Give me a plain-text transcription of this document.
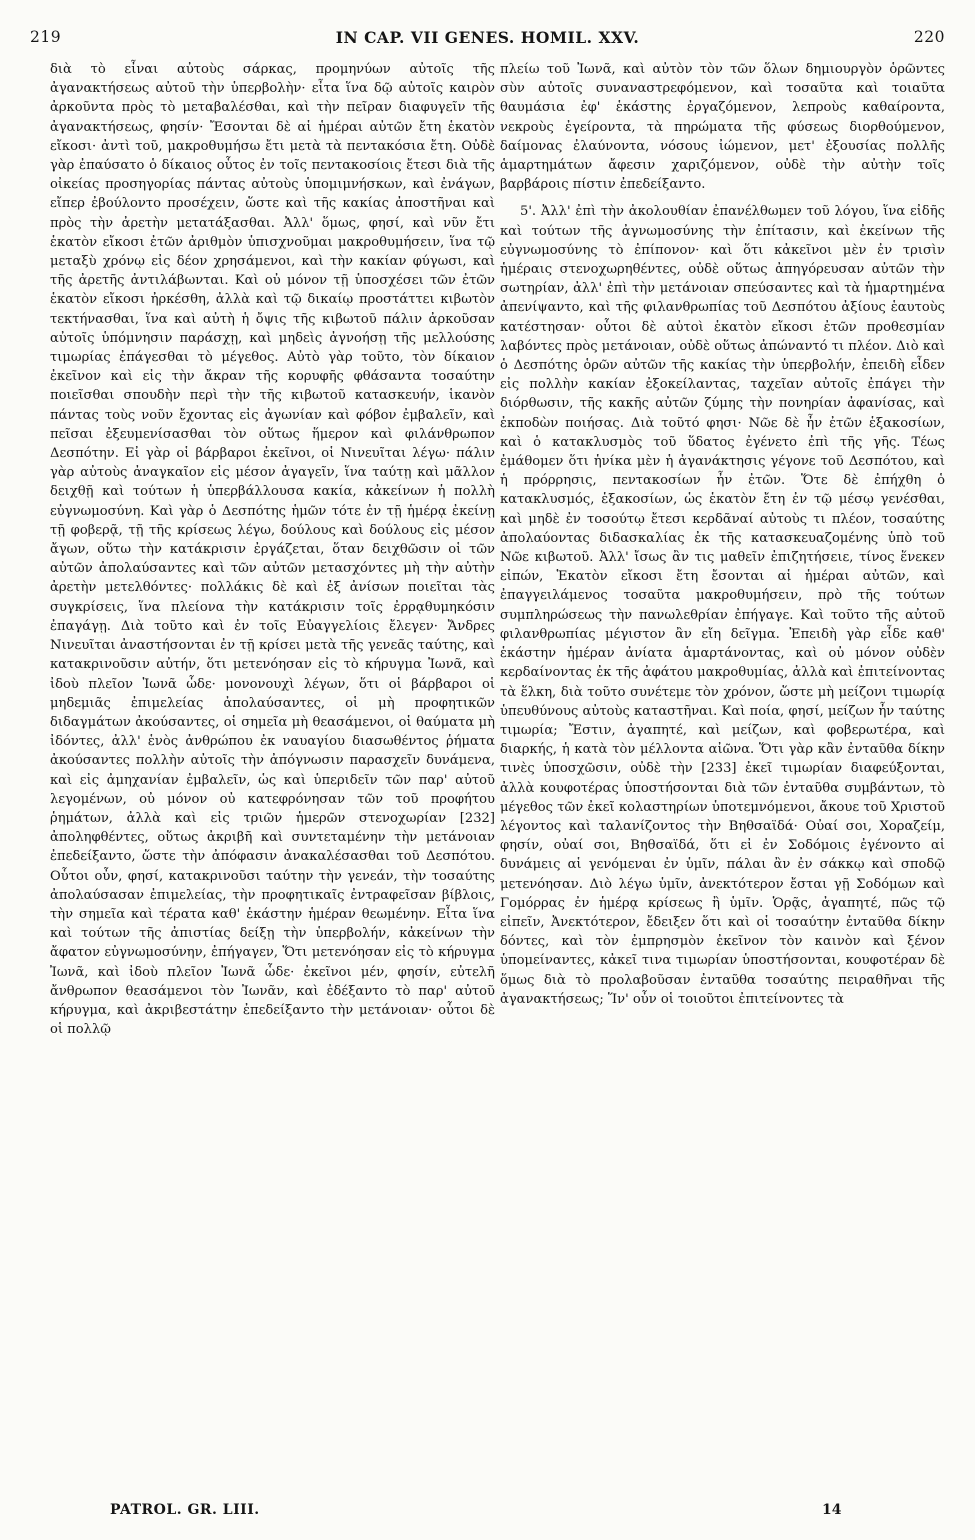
219	IN CAP. VII GENES. HOMIL. XXV.	220

διὰ τὸ εἶναι αὐτοὺς σάρκας, προμηνύων αὐτοῖς τῆς ἀγανακτήσεως αὐτοῦ τὴν ὑπερβολὴν· εἶτα ἵνα δῷ αὐτοῖς καιρὸν ἀρκοῦντα πρὸς τὸ μεταβαλέσθαι, καὶ τὴν πεῖραν διαφυγεῖν τῆς ἀγανακτήσεως, φησίν· Ἔσονται δὲ αἱ ἡμέραι αὐτῶν ἔτη ἑκατὸν εἴκοσι· ἀντὶ τοῦ, μακροθυμήσω ἔτι μετὰ τὰ πεντακόσια ἔτη. Οὐδὲ γὰρ ἐπαύσατο ὁ δίκαιος οὗτος ἐν τοῖς πεντακοσίοις ἔτεσι διὰ τῆς οἰκείας προσηγορίας πάντας αὐτοὺς ὑπομιμνήσκων, καὶ ἐνάγων, εἴπερ ἐβούλοντο προσέχειν, ὥστε καὶ τῆς κακίας ἀποστῆναι καὶ πρὸς τὴν ἀρετὴν μετατάξασθαι. Ἀλλ' ὅμως, φησί, καὶ νῦν ἔτι ἑκατὸν εἴκοσι ἐτῶν ἀριθμὸν ὑπισχνοῦμαι μακροθυμήσειν, ἵνα τῷ μεταξὺ χρόνῳ εἰς δέον χρησάμενοι, καὶ τὴν κακίαν φύγωσι, καὶ τῆς ἀρετῆς ἀντιλάβωνται. Καὶ οὐ μόνον τῇ ὑποσχέσει τῶν ἐτῶν ἑκατὸν εἴκοσι ἠρκέσθη, ἀλλὰ καὶ τῷ δικαίῳ προστάττει κιβωτὸν τεκτήνασθαι, ἵνα καὶ αὐτὴ ἡ ὄψις τῆς κιβωτοῦ πάλιν ἀρκοῦσαν αὐτοῖς ὑπόμνησιν παράσχῃ, καὶ μηδεὶς ἀγνοήσῃ τῆς μελλούσης τιμωρίας ἐπάγεσθαι τὸ μέγεθος. Αὐτὸ γὰρ τοῦτο, τὸν δίκαιον ἐκεῖνον καὶ εἰς τὴν ἄκραν τῆς κορυφῆς φθάσαντα τοσαύτην ποιεῖσθαι σπουδὴν περὶ τὴν τῆς κιβωτοῦ κατασκευήν, ἱκανὸν πάντας τοὺς νοῦν ἔχοντας εἰς ἀγωνίαν καὶ φόβον ἐμβαλεῖν, καὶ πεῖσαι ἐξευμενίσασθαι τὸν οὕτως ἥμερον καὶ φιλάνθρωπον Δεσπότην. Εἰ γὰρ οἱ βάρβαροι ἐκεῖνοι, οἱ Νινευῖται λέγω· πάλιν γὰρ αὐτοὺς ἀναγκαῖον εἰς μέσον ἀγαγεῖν, ἵνα ταύτῃ καὶ μᾶλλον δειχθῇ καὶ τούτων ἡ ὑπερβάλλουσα κακία, κἀκείνων ἡ πολλὴ εὐγνωμοσύνη. Καὶ γὰρ ὁ Δεσπότης ἡμῶν τότε ἐν τῇ ἡμέρᾳ ἐκείνῃ τῇ φοβερᾷ, τῇ τῆς κρίσεως λέγω, δούλους καὶ δούλους εἰς μέσον ἄγων, οὕτω τὴν κατάκρισιν ἐργάζεται, ὅταν δειχθῶσιν οἱ τῶν αὐτῶν ἀπολαύσαντες καὶ τῶν αὐτῶν μετασχόντες μὴ τὴν αὐτὴν ἀρετὴν μετελθόντες· πολλάκις δὲ καὶ ἐξ ἀνίσων ποιεῖται τὰς συγκρίσεις, ἵνα πλείονα τὴν κατάκρισιν τοῖς ἐρρᾳθυμηκόσιν ἐπαγάγῃ. Διὰ τοῦτο καὶ ἐν τοῖς Εὐαγγελίοις ἔλεγεν· Ἄνδρες Νινευῖται ἀναστήσονται ἐν τῇ κρίσει μετὰ τῆς γενεᾶς ταύτης, καὶ κατακρινοῦσιν αὐτήν, ὅτι μετενόησαν εἰς τὸ κήρυγμα Ἰωνᾶ, καὶ ἰδοὺ πλεῖον Ἰωνᾶ ὧδε· μονονουχὶ λέγων, ὅτι οἱ βάρβαροι οἱ μηδεμιᾶς ἐπιμελείας ἀπολαύσαντες, οἱ μὴ προφητικῶν διδαγμάτων ἀκούσαντες, οἱ σημεῖα μὴ θεασάμενοι, οἱ θαύματα μὴ ἰδόντες, ἀλλ' ἑνὸς ἀνθρώπου ἐκ ναυαγίου διασωθέντος ῥήματα ἀκούσαντες πολλὴν αὐτοῖς τὴν ἀπόγνωσιν παρασχεῖν δυνάμενα, καὶ εἰς ἀμηχανίαν ἐμβαλεῖν, ὡς καὶ ὑπεριδεῖν τῶν παρ' αὐτοῦ λεγομένων, οὐ μόνον οὐ κατεφρόνησαν τῶν τοῦ προφήτου ῥημάτων, ἀλλὰ καὶ εἰς τριῶν ἡμερῶν στενοχωρίαν [232] ἀποληφθέντες, οὕτως ἀκριβῆ καὶ συντεταμένην τὴν μετάνοιαν ἐπεδείξαντο, ὥστε τὴν ἀπόφασιν ἀνακαλέσασθαι τοῦ Δεσπότου. Οὗτοι οὖν, φησί, κατακρινοῦσι ταύτην τὴν γενεάν, τὴν τοσαύτης ἀπολαύσασαν ἐπιμελείας, τὴν προφητικαῖς ἐντραφεῖσαν βίβλοις, τὴν σημεῖα καὶ τέρατα καθ' ἑκάστην ἡμέραν θεωμένην. Εἶτα ἵνα καὶ τούτων τῆς ἀπιστίας δείξῃ τὴν ὑπερβολήν, κἀκείνων τὴν ἄφατον εὐγνωμοσύνην, ἐπήγαγεν, Ὅτι μετενόησαν εἰς τὸ κήρυγμα Ἰωνᾶ, καὶ ἰδοὺ πλεῖον Ἰωνᾶ ὧδε· ἐκεῖνοι μέν, φησίν, εὐτελῆ ἄνθρωπον θεασάμενοι τὸν Ἰωνᾶν, καὶ ἐδέξαντο τὸ παρ' αὐτοῦ κήρυγμα, καὶ ἀκριβεστάτην ἐπεδείξαντο τὴν μετάνοιαν· οὗτοι δὲ οἱ πολλῷ

πλείω τοῦ Ἰωνᾶ, καὶ αὐτὸν τὸν τῶν ὅλων δημιουργὸν ὁρῶντες σὺν αὐτοῖς συναναστρεφόμενον, καὶ τοσαῦτα καὶ τοιαῦτα θαυμάσια ἐφ' ἑκάστης ἐργαζόμενον, λεπροὺς καθαίροντα, νεκροὺς ἐγείροντα, τὰ πηρώματα τῆς φύσεως διορθούμενον, δαίμονας ἐλαύνοντα, νόσους ἰώμενον, μετ' ἐξουσίας πολλῆς ἁμαρτημάτων ἄφεσιν χαριζόμενον, οὐδὲ τὴν αὐτὴν τοῖς βαρβάροις πίστιν ἐπεδείξαντο.

5'. Ἀλλ' ἐπὶ τὴν ἀκολουθίαν ἐπανέλθωμεν τοῦ λόγου, ἵνα εἰδῆς καὶ τούτων τῆς ἀγνωμοσύνης τὴν ἐπίτασιν, καὶ ἐκείνων τῆς εὐγνωμοσύνης τὸ ἐπίπονον· καὶ ὅτι κἀκεῖνοι μὲν ἐν τρισὶν ἡμέραις στενοχωρηθέντες, οὐδὲ οὕτως ἀπηγόρευσαν αὐτῶν τὴν σωτηρίαν, ἀλλ' ἐπὶ τὴν μετάνοιαν σπεύσαντες καὶ τὰ ἡμαρτημένα ἀπενίψαντο, καὶ τῆς φιλανθρωπίας τοῦ Δεσπότου ἀξίους ἑαυτοὺς κατέστησαν· οὗτοι δὲ αὐτοὶ ἑκατὸν εἴκοσι ἐτῶν προθεσμίαν λαβόντες πρὸς μετάνοιαν, οὐδὲ οὕτως ἀπώναντό τι πλέον. Διὸ καὶ ὁ Δεσπότης ὁρῶν αὐτῶν τῆς κακίας τὴν ὑπερβολήν, ἐπειδὴ εἶδεν εἰς πολλὴν κακίαν ἐξοκείλαντας, ταχεῖαν αὐτοῖς ἐπάγει τὴν διόρθωσιν, τῆς κακῆς αὐτῶν ζύμης τὴν πονηρίαν ἀφανίσας, καὶ ἐκποδὼν ποιήσας. Διὰ τοῦτό φησι· Νῶε δὲ ἦν ἐτῶν ἑξακοσίων, καὶ ὁ κατακλυσμὸς τοῦ ὕδατος ἐγένετο ἐπὶ τῆς γῆς. Τέως ἐμάθομεν ὅτι ἡνίκα μὲν ἡ ἀγανάκτησις γέγονε τοῦ Δεσπότου, καὶ ἡ πρόρρησις, πεντακοσίων ἦν ἐτῶν. Ὅτε δὲ ἐπήχθη ὁ κατακλυσμός, ἑξακοσίων, ὡς ἑκατὸν ἔτη ἐν τῷ μέσῳ γενέσθαι, καὶ μηδὲ ἐν τοσούτῳ ἔτεσι κερδᾶναί αὐτοὺς τι πλέον, τοσαύτης ἀπολαύοντας διδασκαλίας ἐκ τῆς κατασκευαζομένης ὑπὸ τοῦ Νῶε κιβωτοῦ. Ἀλλ' ἴσως ἂν τις μαθεῖν ἐπιζητήσειε, τίνος ἕνεκεν εἰπών, Ἑκατὸν εἴκοσι ἔτη ἔσονται αἱ ἡμέραι αὐτῶν, καὶ ἐπαγγειλάμενος τοσαῦτα μακροθυμήσειν, πρὸ τῆς τούτων συμπληρώσεως τὴν πανωλεθρίαν ἐπήγαγε. Καὶ τοῦτο τῆς αὐτοῦ φιλανθρωπίας μέγιστον ἂν εἴη δεῖγμα. Ἐπειδὴ γὰρ εἶδε καθ' ἑκάστην ἡμέραν ἀνίατα ἁμαρτάνοντας, καὶ οὐ μόνον οὐδὲν κερδαίνοντας ἐκ τῆς ἀφάτου μακροθυμίας, ἀλλὰ καὶ ἐπιτείνοντας τὰ ἕλκη, διὰ τοῦτο συνέτεμε τὸν χρόνον, ὥστε μὴ μείζονι τιμωρίᾳ ὑπευθύνους αὐτοὺς καταστῆναι. Καὶ ποία, φησί, μείζων ἦν ταύτης τιμωρία; Ἔστιν, ἀγαπητέ, καὶ μείζων, καὶ φοβερωτέρα, καὶ διαρκής, ἡ κατὰ τὸν μέλλοντα αἰῶνα. Ὅτι γὰρ κἂν ἐνταῦθα δίκην τινὲς ὑποσχῶσιν, οὐδὲ τὴν [233] ἐκεῖ τιμωρίαν διαφεύξονται, ἀλλὰ κουφοτέρας ὑποστήσονται διὰ τῶν ἐνταῦθα συμβάντων, τὸ μέγεθος τῶν ἐκεῖ κολαστηρίων ὑποτεμνόμενοι, ἄκουε τοῦ Χριστοῦ λέγοντος καὶ ταλανίζοντος τὴν Βηθσαϊδά· Οὐαί σοι, Χοραζείμ, φησίν, οὐαί σοι, Βηθσαϊδά, ὅτι εἰ ἐν Σοδόμοις ἐγένοντο αἱ δυνάμεις αἱ γενόμεναι ἐν ὑμῖν, πάλαι ἂν ἐν σάκκῳ καὶ σποδῷ μετενόησαν. Διὸ λέγω ὑμῖν, ἀνεκτότερον ἔσται γῇ Σοδόμων καὶ Γομόρρας ἐν ἡμέρᾳ κρίσεως ἢ ὑμῖν. Ὁρᾷς, ἀγαπητέ, πῶς τῷ εἰπεῖν, Ἀνεκτότερον, ἔδειξεν ὅτι καὶ οἱ τοσαύτην ἐνταῦθα δίκην δόντες, καὶ τὸν ἐμπρησμὸν ἐκεῖνον τὸν καινὸν καὶ ξένον ὑπομείναντες, κἀκεῖ τινα τιμωρίαν ὑποστήσονται, κουφοτέραν δὲ ὅμως διὰ τὸ προλαβοῦσαν ἐνταῦθα τοσαύτης πειραθῆναι τῆς ἀγανακτήσεως; Ἵν' οὖν οἱ τοιοῦτοι ἐπιτείνοντες τὰ

PATROL. GR. LIII.	14
